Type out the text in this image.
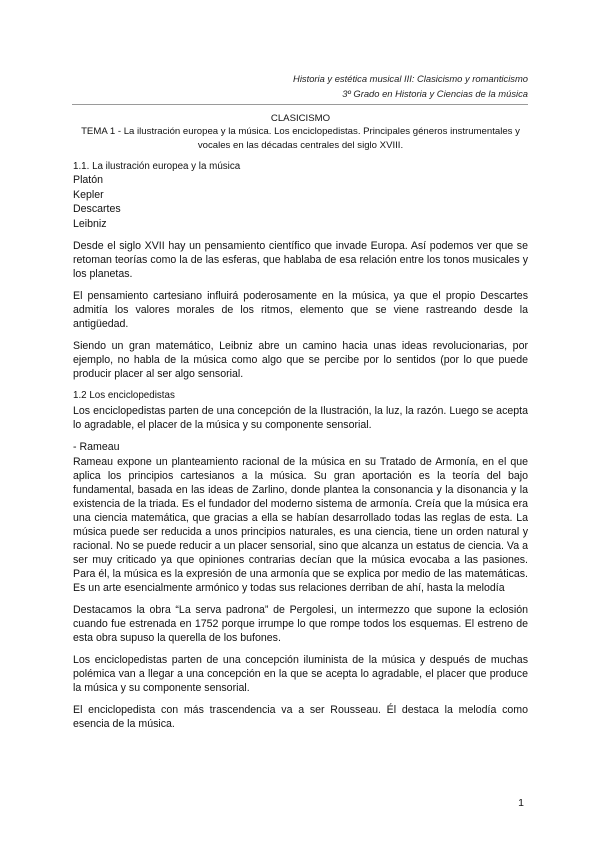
Historia y estética musical III: Clasicismo y romanticismo
3º Grado en Historia y Ciencias de la música

CLASICISMO

TEMA 1 - La ilustración europea y la música. Los enciclopedistas. Principales géneros instrumentales y vocales en las décadas centrales del siglo XVIII.

1.1. La ilustración europea y la música

Platón

Kepler

Descartes

Leibniz

Desde el siglo XVII hay un pensamiento científico que invade Europa. Así podemos ver que se retoman teorías como la de las esferas, que hablaba de esa relación entre los tonos musicales y los planetas.

El pensamiento cartesiano influirá poderosamente en la música, ya que el propio Descartes admitía los valores morales de los ritmos, elemento que se viene rastreando desde la antigüedad.

Siendo un gran matemático, Leibniz abre un camino hacia unas ideas revolucionarias, por ejemplo, no habla de la música como algo que se percibe por lo sentidos (por lo que puede producir placer al ser algo sensorial.

1.2 Los enciclopedistas

Los enciclopedistas parten de una concepción de la Ilustración, la luz, la razón. Luego se acepta lo agradable, el placer de la música y su componente sensorial.

- Rameau

Rameau expone un planteamiento racional de la música en su Tratado de Armonía, en el que aplica los principios cartesianos a la música. Su gran aportación es la teoría del bajo fundamental, basada en las ideas de Zarlino, donde plantea la consonancia y la disonancia y la existencia de la triada. Es el fundador del moderno sistema de armonía. Creía que la música era una ciencia matemática, que gracias a ella se habían desarrollado todas las reglas de esta. La música puede ser reducida a unos principios naturales, es una ciencia, tiene un orden natural y racional. No se puede reducir a un placer sensorial, sino que alcanza un estatus de ciencia. Va a ser muy criticado ya que opiniones contrarias decían que la música evocaba a las pasiones. Para él, la música es la expresión de una armonía que se explica por medio de las matemáticas. Es un arte esencialmente armónico y todas sus relaciones derriban de ahí, hasta la melodía

Destacamos la obra “La serva padrona” de Pergolesi, un intermezzo que supone la eclosión cuando fue estrenada en 1752 porque irrumpe lo que rompe todos los esquemas. El estreno de esta obra supuso la querella de los bufones.

Los enciclopedistas parten de una concepción iluminista de la música y después de muchas polémica van a llegar a una concepción en la que se acepta lo agradable, el placer que produce la música y su componente sensorial.

El enciclopedista con más trascendencia va a ser Rousseau. Él destaca la melodía como esencia de la música.

1
